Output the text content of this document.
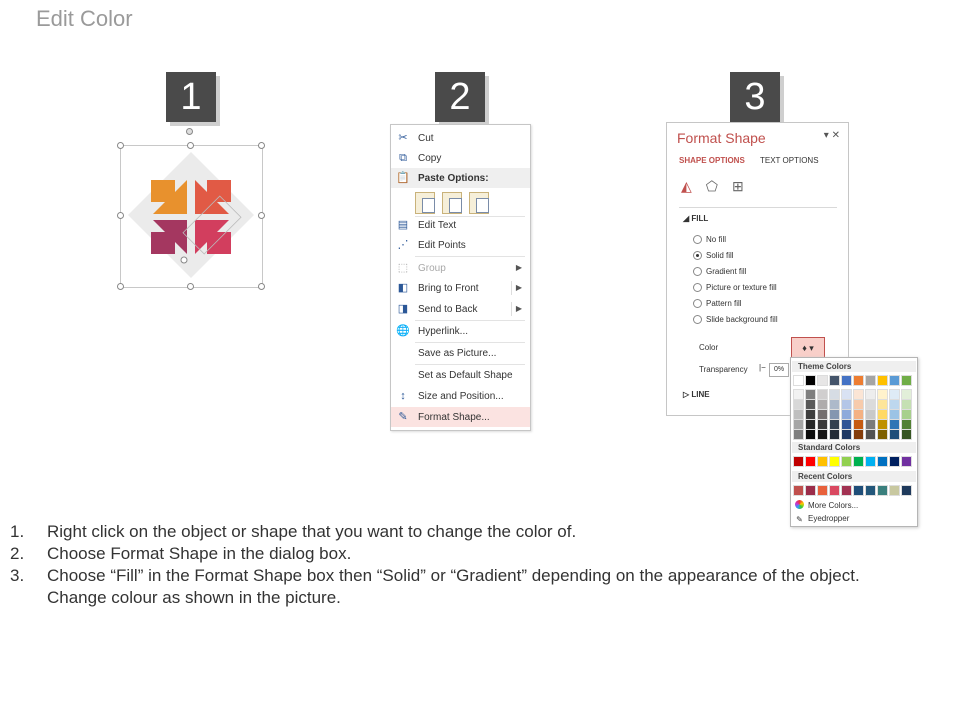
Edit Color
1	2	3
✂ Cut
⧉	Copy
📋 Paste Options:
▤ Edit Text
⋰ Edit Points
⬚ Group	▶
◧ Bring to Front	▶
◨ Send to Back	▶
🌐 Hyperlink...
Save as Picture...
Set as Default Shape
↕	Size and Position...
✎ Format Shape...
Format Shape	▾ ✕
SHAPE OPTIONS TEXT OPTIONS
◭ ⬠ ⊞
◢ FILL
No fill
Solid fill
Gradient fill
Picture or texture fill
Pattern fill
Slide background fill
Color	♦ ▾
Transparency |−	0%
▷ LINE
Theme Colors
Standard Colors
Recent Colors
More Colors...
✎ Eyedropper
1. Right click on the object or shape that you want to change the color of.
2. Choose Format Shape in the dialog box.
3. Choose “Fill” in the Format Shape box then “Solid” or “Gradient” depending on the appearance of the object.
Change colour as shown in the picture.
